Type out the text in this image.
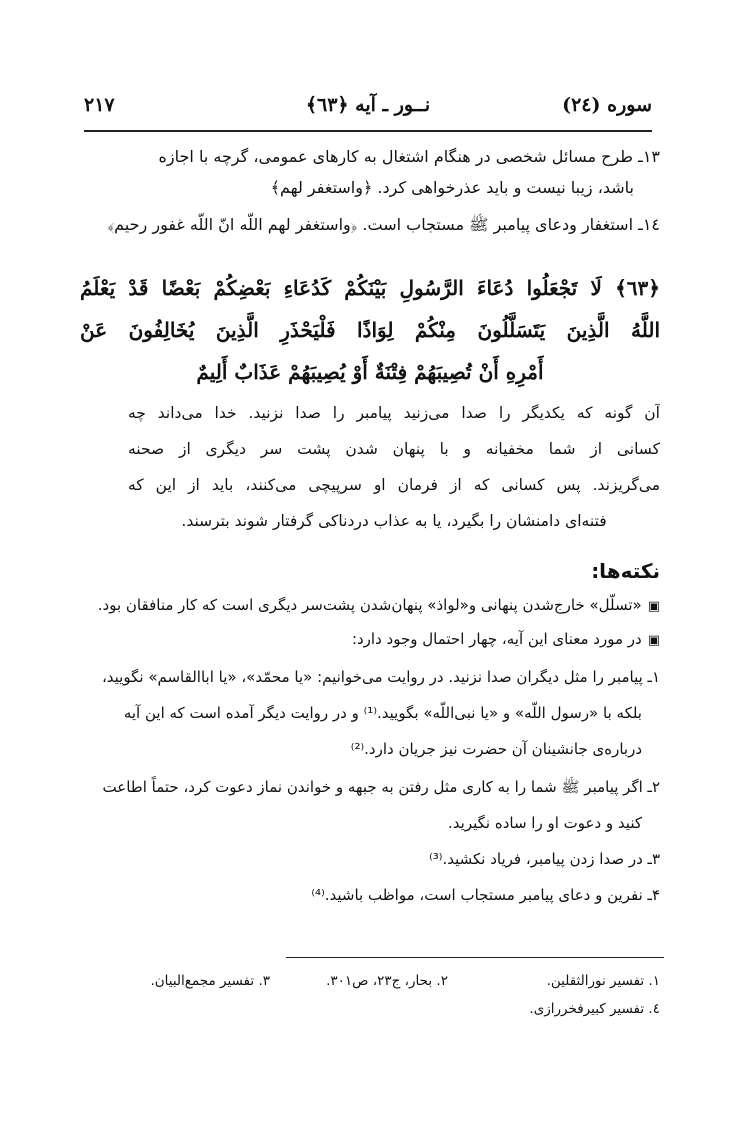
سوره (٢٤)
نــور ـ آيه ﴿٦٣﴾
٢١٧
١٣ـ طرح مسائل شخصی در هنگام اشتغال به کارهای عمومی، گرچه با اجازه
باشد، زیبا نیست و باید عذرخواهی کرد. ﴿واستغفر لهم﴾
١٤ـ استغفار ودعای پیامبر ﷺ مستجاب است. ﴿واستغفر لهم اللّه انّ اللّه غفور رحیم﴾
﴿٦٣﴾ لَا تَجْعَلُوا دُعَاءَ الرَّسُولِ بَيْنَكُمْ كَدُعَاءِ بَعْضِكُمْ بَعْضًا قَدْ يَعْلَمُ
اللَّهُ الَّذِينَ يَتَسَلَّلُونَ مِنْكُمْ لِوَاذًا فَلْيَحْذَرِ الَّذِينَ يُخَالِفُونَ عَنْ
أَمْرِهِ أَنْ تُصِيبَهُمْ فِتْنَةٌ أَوْ يُصِيبَهُمْ عَذَابٌ أَلِيمٌ
آن گونه که یکدیگر را صدا می‌زنید پیامبر را صدا نزنید. خدا می‌داند چه
کسانی از شما مخفیانه و با پنهان شدن پشت سر دیگری از صحنه
می‌گریزند. پس کسانی که از فرمان او سرپیچی می‌کنند، باید از این که
فتنه‌ای دامنشان را بگیرد، یا به عذاب دردناکی گرفتار شوند بترسند.
نکته‌ها:
▣«تسلّل» خارج‌شدن پنهانی و«لواذ» پنهان‌شدن پشت‌سر دیگری است که کار منافقان بود.
▣در مورد معنای این آیه، چهار احتمال وجود دارد:
١ـ پیامبر را مثل دیگران صدا نزنید. در روایت می‌خوانیم: «یا محمّد»، «یا اباالقاسم» نگویید،
بلکه با «رسول اللّه» و «یا نبی‌اللّه» بگویید.⁽¹⁾ و در روایت دیگر آمده است که این آیه
درباره‌ی جانشینان آن حضرت نیز جریان دارد.⁽²⁾
٢ـ اگر پیامبر ﷺ شما را به کاری مثل رفتن به جبهه و خواندن نماز دعوت کرد، حتماً اطاعت
کنید و دعوت او را ساده نگیرید.
٣ـ در صدا زدن پیامبر، فریاد نکشید.⁽³⁾
۴ـ نفرین و دعای پیامبر مستجاب است، مواظب باشید.⁽⁴⁾
١. تفسیر نورالثقلین.
٢. بحار، ج٢٣، ص٣٠١.
٣. تفسیر مجمع‌البیان.
٤. تفسیر کبیرفخررازی.
